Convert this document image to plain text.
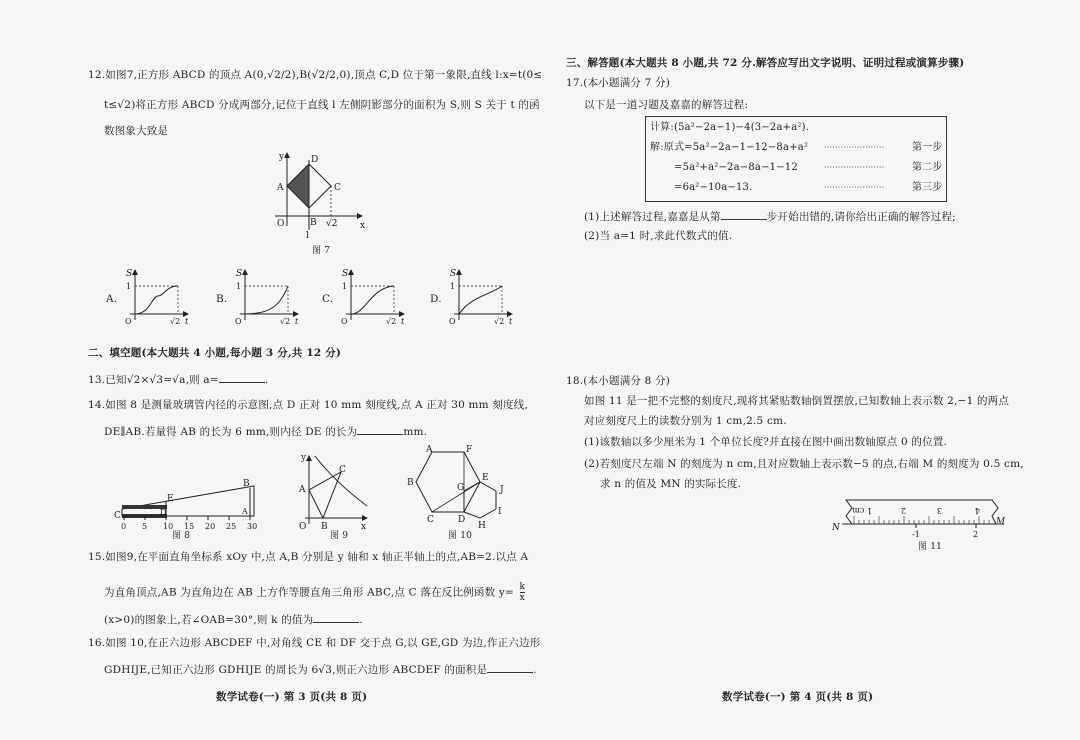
12.如图7,正方形 ABCD 的顶点 A(0,√2/2),B(√2/2,0),顶点 C,D 位于第一象限,直线 l:x=t(0≤
t≤√2)将正方形 ABCD 分成两部分,记位于直线 l 左侧阴影部分的面积为 S,则 S 关于 t 的函
数图象大致是
y
x
D
A	C
O	B
l
√2
图 7
A.
S
1
O	√2 t
B.
S
1
O	√2 t
C.
S
1
O	√2 t
D.
S
1
O	√2 t
二、填空题(本大题共 4 小题,每小题 3 分,共 12 分)
13.已知√2×√3=√a,则 a=	.
14.如图 8 是测量玻璃管内径的示意图,点 D 正对 10 mm 刻度线,点 A 正对 30 mm 刻度线,
DE∥AB.若量得 AB 的长为 6 mm,则内径 DE 的长为	mm.
0 5 10 15 20 25 30
C
E
D
B
A
图 8
y
x
O
A
B
C
图 9
A	F
B	E
G
C	D
H
I
J
图 10
15.如图9,在平面直角坐标系 xOy 中,点 A,B 分别是 y 轴和 x 轴正半轴上的点,AB=2.以点 A
为直角顶点,AB 为直角边在 AB 上方作等腰直角三角形 ABC,点 C 落在反比例函数 $y= \frac{k}{x}$
(x>0)的图象上,若∠OAB=30°,则 k 的值为	.
16.如图 10,在正六边形 ABCDEF 中,对角线 CE 和 DF 交于点 G,以 GE,GD 为边,作正六边形
GDHIJE,已知正六边形 GDHIJE 的周长为 6√3,则正六边形 ABCDEF 的面积是	.
数学试卷(一) 第 3 页(共 8 页)
三、解答题(本大题共 8 小题,共 72 分.解答应写出文字说明、证明过程或演算步骤)
17.(本小题满分 7 分)
以下是一道习题及嘉嘉的解答过程:
计算:(5a²−2a−1)−4(3−2a+a²).
解:原式=5a²−2a−1−12−8a+a² ······················	第一步
=5a²+a²−2a−8a−1−12	······················	第二步
=6a²−10a−13.	······················	第三步
(1)上述解答过程,嘉嘉是从第	步开始出错的,请你给出正确的解答过程;
(2)当 a=1 时,求此代数式的值.
18.(本小题满分 8 分)
如图 11 是一把不完整的刻度尺,现将其紧贴数轴倒置摆放,已知数轴上表示数 2,−1 的两点
对应刻度尺上的读数分别为 1 cm,2.5 cm.
(1)该数轴以多少厘米为 1 个单位长度?并直接在图中画出数轴原点 0 的位置.
(2)若刻度尺左端 N 的刻度为 n cm,且对应数轴上表示数−5 的点,右端 M 的刻度为 0.5 cm,
求 n 的值及 MN 的实际长度.
N
M
-1	2
4
3
2
1 cm
图 11
数学试卷(一) 第 4 页(共 8 页)
